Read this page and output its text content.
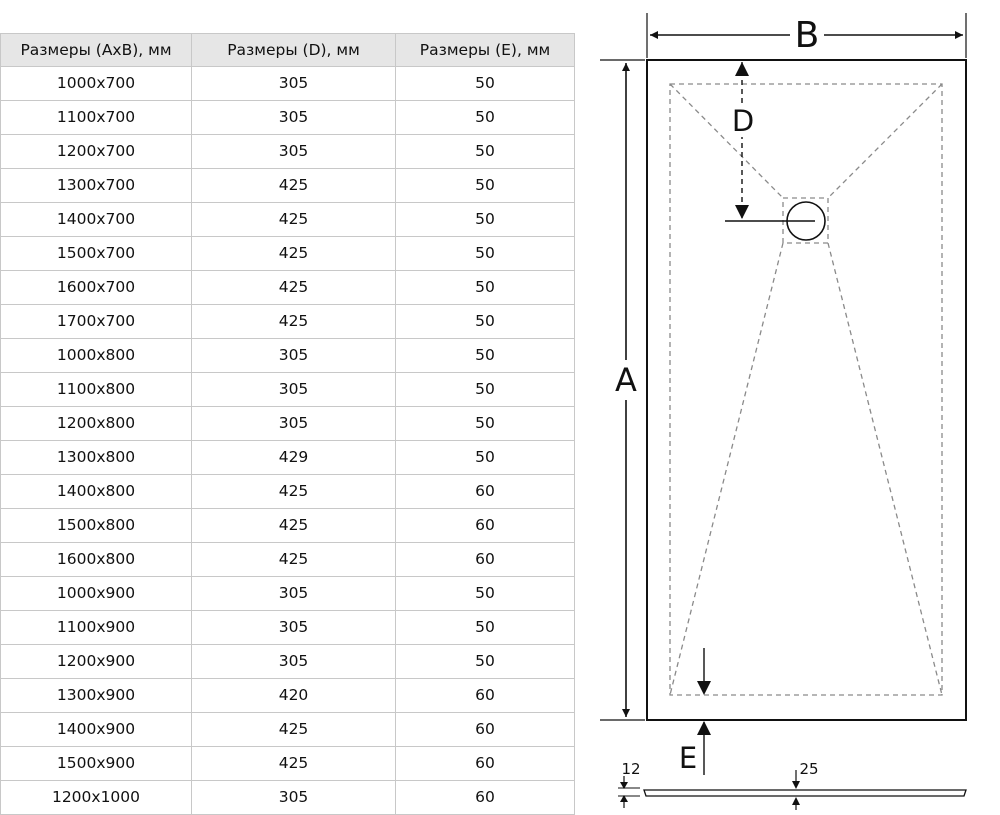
Размеры (АхВ), мм	Размеры (D), мм	Размеры (Е), мм
1000x700	305	50
1100x700	305	50
1200x700	305	50
1300x700	425	50
1400x700	425	50
1500x700	425	50
1600x700	425	50
1700x700	425	50
1000x800	305	50
1100x800	305	50
1200x800	305	50
1300x800	429	50
1400x800	425	60
1500x800	425	60
1600x800	425	60
1000x900	305	50
1100x900	305	50
1200x900	305	50
1300x900	420	60
1400x900	425	60
1500x900	425	60
1200x1000	305	60
B
A
D
E
12	25
